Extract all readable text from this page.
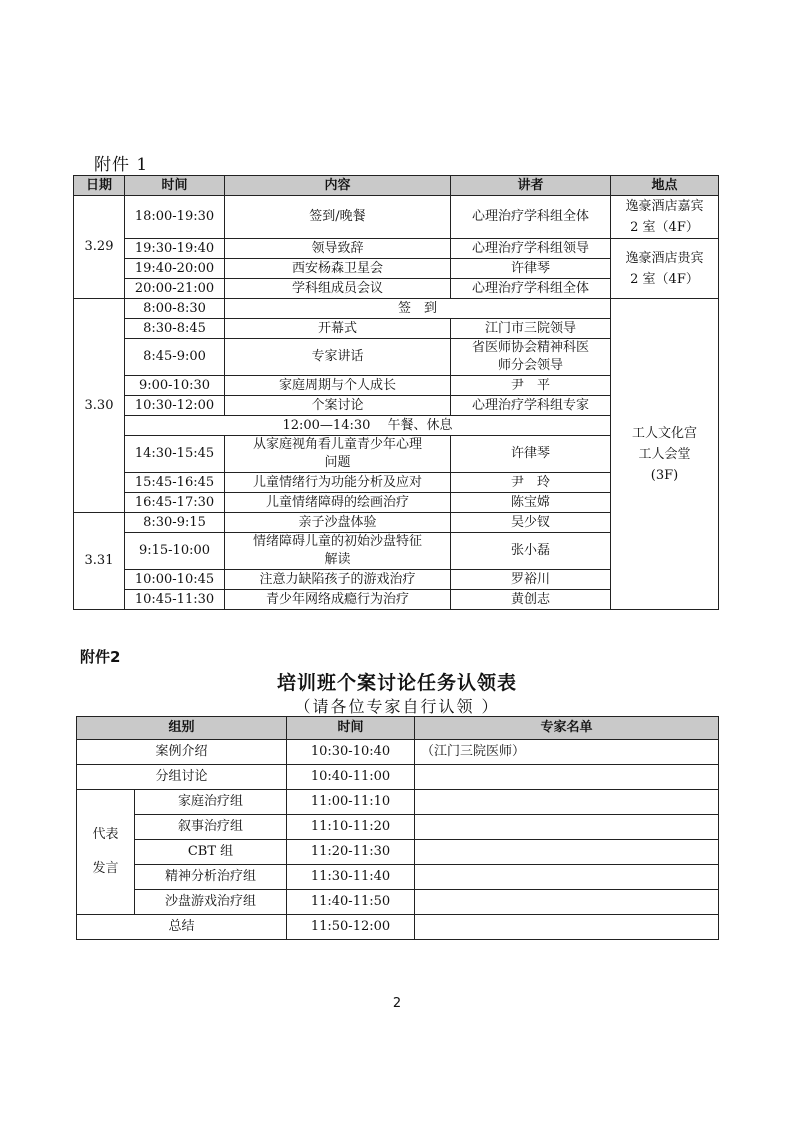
附件 1
日期	时间	内容	讲者	地点
3.29	18:00-19:30	签到/晚餐	心理治疗学科组全体	逸豪酒店嘉宾
2 室（4F）
	19:30-19:40	领导致辞	心理治疗学科组领导	逸豪酒店贵宾
2 室（4F）
	19:40-20:00	西安杨森卫星会	许律琴	
	20:00-21:00	学科组成员会议	心理治疗学科组全体	
3.30	8:00-8:30	签　到		工人文化宫
工人会堂
(3F)
	8:30-8:45	开幕式	江门市三院领导	
	8:45-9:00	专家讲话	省医师协会精神科医
师分会领导	
	9:00-10:30	家庭周期与个人成长	尹　平	
	10:30-12:00	个案讨论	心理治疗学科组专家	
	12:00—14:30　 午餐、休息			
	14:30-15:45	从家庭视角看儿童青少年心理
问题	许律琴	
	15:45-16:45	儿童情绪行为功能分析及应对	尹　玲	
	16:45-17:30	儿童情绪障碍的绘画治疗	陈宝嫦	
3.31	8:30-9:15	亲子沙盘体验	吴少钗	
	9:15-10:00	情绪障碍儿童的初始沙盘特征
解读	张小磊	
	10:00-10:45	注意力缺陷孩子的游戏治疗	罗裕川	
	10:45-11:30	青少年网络成瘾行为治疗	黄创志	
附件2
培训班个案讨论任务认领表
（请各位专家自行认领 ）
组别		时间	专家名单
案例介绍		10:30-10:40	（江门三院医师）
分组讨论		10:40-11:00	
代表
发言	家庭治疗组	11:00-11:10	
	叙事治疗组	11:10-11:20	
	CBT 组	11:20-11:30	
	精神分析治疗组	11:30-11:40	
	沙盘游戏治疗组	11:40-11:50	
总结		11:50-12:00	
2
